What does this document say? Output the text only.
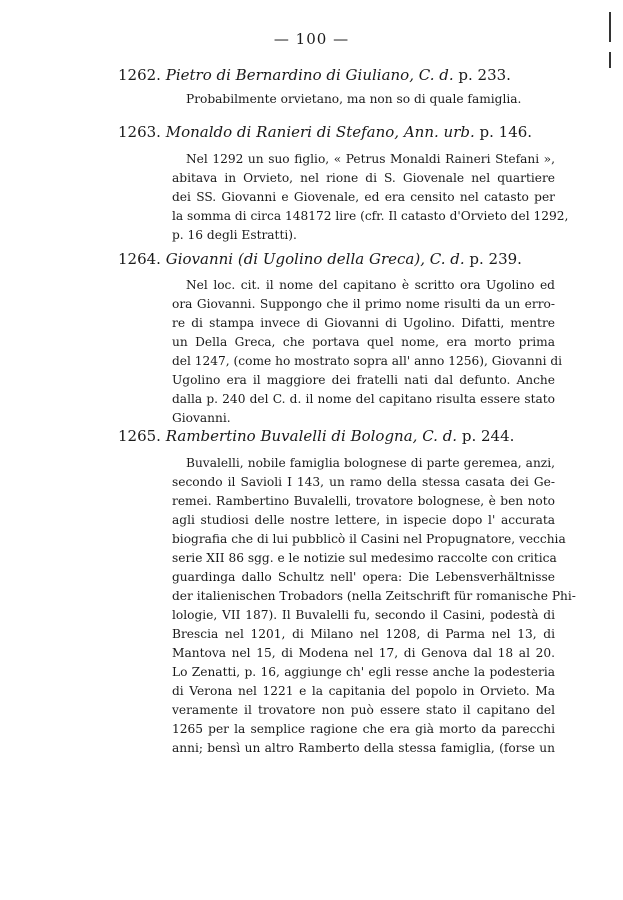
— 100 —
1262. Pietro di Bernardino di Giuliano, C. d. p. 233.
Probabilmente orvietano, ma non so di quale famiglia.
1263. Monaldo di Ranieri di Stefano, Ann. urb. p. 146.
Nel 1292 un suo figlio, « Petrus Monaldi Raineri Stefani »,
abitava in Orvieto, nel rione di S. Giovenale nel quartiere
dei SS. Giovanni e Giovenale, ed era censito nel catasto per
la somma di circa 148172 lire (cfr. Il catasto d'Orvieto del 1292,
p. 16 degli Estratti).
1264. Giovanni (di Ugolino della Greca), C. d. p. 239.
Nel loc. cit. il nome del capitano è scritto ora Ugolino ed
ora Giovanni. Suppongo che il primo nome risulti da un erro-
re di stampa invece di Giovanni di Ugolino. Difatti, mentre
un Della Greca, che portava quel nome, era morto prima
del 1247, (come ho mostrato sopra all' anno 1256), Giovanni di
Ugolino era il maggiore dei fratelli nati dal defunto. Anche
dalla p. 240 del C. d. il nome del capitano risulta essere stato
Giovanni.
1265. Rambertino Buvalelli di Bologna, C. d. p. 244.
Buvalelli, nobile famiglia bolognese di parte geremea, anzi,
secondo il Savioli I 143, un ramo della stessa casata dei Ge-
remei. Rambertino Buvalelli, trovatore bolognese, è ben noto
agli studiosi delle nostre lettere, in ispecie dopo l' accurata
biografia che di lui pubblicò il Casini nel Propugnatore, vecchia
serie XII 86 sgg. e le notizie sul medesimo raccolte con critica
guardinga dallo Schultz nell' opera: Die Lebensverhältnisse
der italienischen Trobadors (nella Zeitschrift für romanische Phi-
lologie, VII 187). Il Buvalelli fu, secondo il Casini, podestà di
Brescia nel 1201, di Milano nel 1208, di Parma nel 13, di
Mantova nel 15, di Modena nel 17, di Genova dal 18 al 20.
Lo Zenatti, p. 16, aggiunge ch' egli resse anche la podesteria
di Verona nel 1221 e la capitania del popolo in Orvieto. Ma
veramente il trovatore non può essere stato il capitano del
1265 per la semplice ragione che era già morto da parecchi
anni; bensì un altro Ramberto della stessa famiglia, (forse un
